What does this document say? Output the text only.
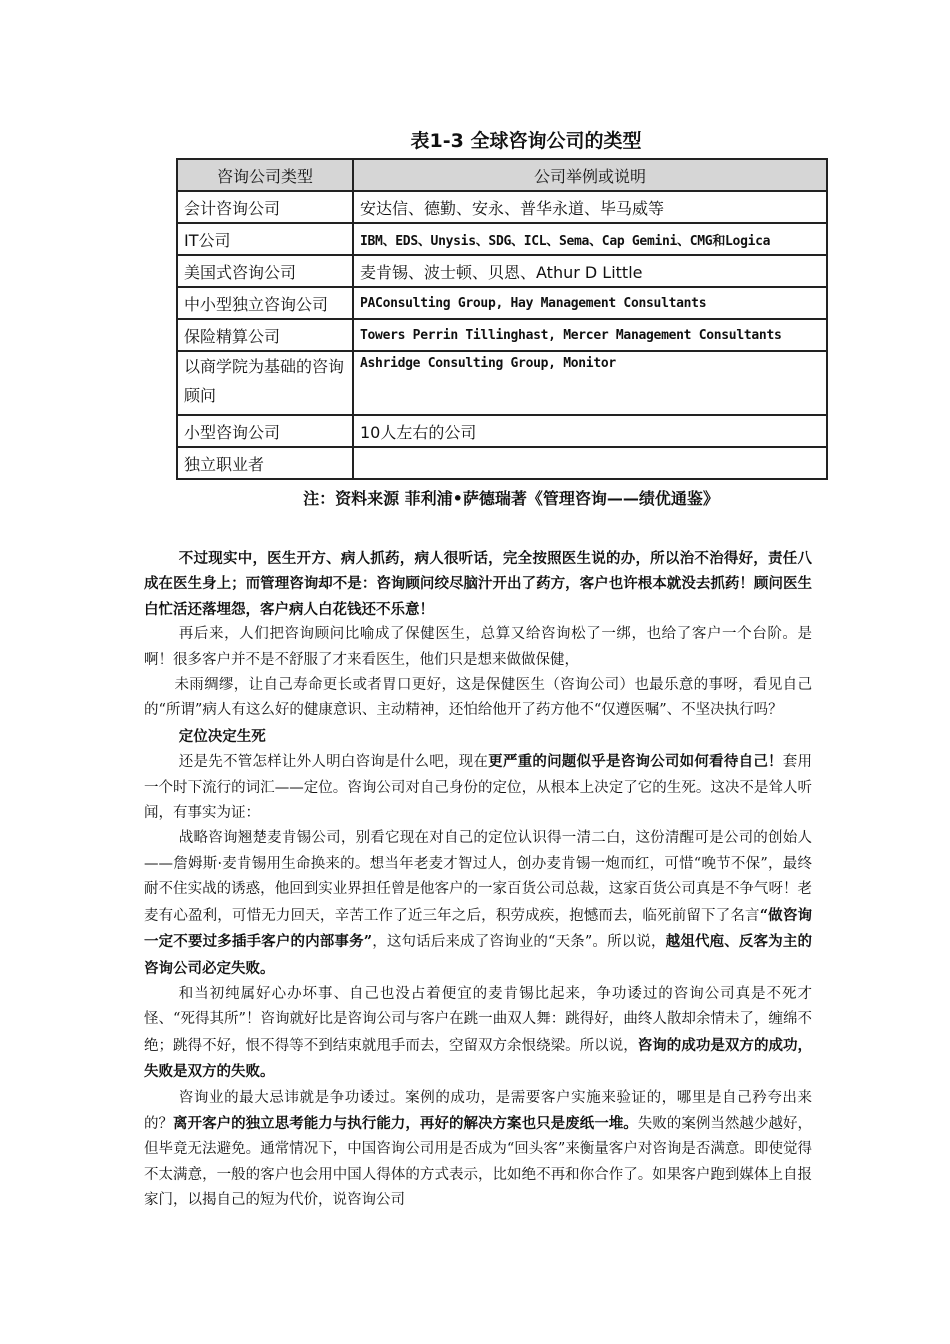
表1-3 全球咨询公司的类型
咨询公司类型	公司举例或说明
会计咨询公司	安达信、德勤、安永、普华永道、毕马威等
IT公司	IBM、EDS、Unysis、SDG、ICL、Sema、Cap Gemini、CMG和Logica
美国式咨询公司	麦肯锡、波士顿、贝恩、Athur D Little
中小型独立咨询公司	PAConsulting Group, Hay Management Consultants
保险精算公司	Towers Perrin Tillinghast, Mercer Management Consultants
以商学院为基础的咨询顾问	Ashridge Consulting Group, Monitor
小型咨询公司	10人左右的公司
独立职业者	
注：资料来源 菲利浦•萨德瑞著《管理咨询——绩优通鉴》

不过现实中，医生开方、病人抓药，病人很听话，完全按照医生说的办，所以治不治得好，责任八成在医生身上；而管理咨询却不是：咨询顾问绞尽脑汁开出了药方，客户也许根本就没去抓药！顾问医生白忙活还落埋怨，客户病人白花钱还不乐意！

再后来，人们把咨询顾问比喻成了保健医生，总算又给咨询松了一绑，也给了客户一个台阶。是啊！很多客户并不是不舒服了才来看医生，他们只是想来做做保健，

未雨绸缪，让自己寿命更长或者胃口更好，这是保健医生（咨询公司）也最乐意的事呀，看见自己的“所谓”病人有这么好的健康意识、主动精神，还怕给他开了药方他不“仅遵医嘱”、不坚决执行吗？

定位决定生死

还是先不管怎样让外人明白咨询是什么吧，现在更严重的问题似乎是咨询公司如何看待自己！套用一个时下流行的词汇——定位。咨询公司对自己身份的定位，从根本上决定了它的生死。这决不是耸人听闻，有事实为证：

战略咨询翘楚麦肯锡公司，别看它现在对自己的定位认识得一清二白，这份清醒可是公司的创始人——詹姆斯·麦肯锡用生命换来的。想当年老麦才智过人，创办麦肯锡一炮而红，可惜“晚节不保”，最终耐不住实战的诱惑，他回到实业界担任曾是他客户的一家百货公司总裁，这家百货公司真是不争气呀！老麦有心盈利，可惜无力回天，辛苦工作了近三年之后，积劳成疾，抱憾而去，临死前留下了名言“做咨询一定不要过多插手客户的内部事务”，这句话后来成了咨询业的“天条”。所以说，越俎代庖、反客为主的咨询公司必定失败。

和当初纯属好心办坏事、自己也没占着便宜的麦肯锡比起来，争功诿过的咨询公司真是不死才怪、“死得其所”！咨询就好比是咨询公司与客户在跳一曲双人舞：跳得好，曲终人散却余情未了，缠绵不绝；跳得不好，恨不得等不到结束就甩手而去，空留双方余恨绕梁。所以说，咨询的成功是双方的成功，失败是双方的失败。

咨询业的最大忌讳就是争功诿过。案例的成功，是需要客户实施来验证的，哪里是自己矜夸出来的？离开客户的独立思考能力与执行能力，再好的解决方案也只是废纸一堆。失败的案例当然越少越好，但毕竟无法避免。通常情况下，中国咨询公司用是否成为“回头客”来衡量客户对咨询是否满意。即使觉得不太满意，一般的客户也会用中国人得体的方式表示，比如绝不再和你合作了。如果客户跑到媒体上自报家门，以揭自己的短为代价，说咨询公司
